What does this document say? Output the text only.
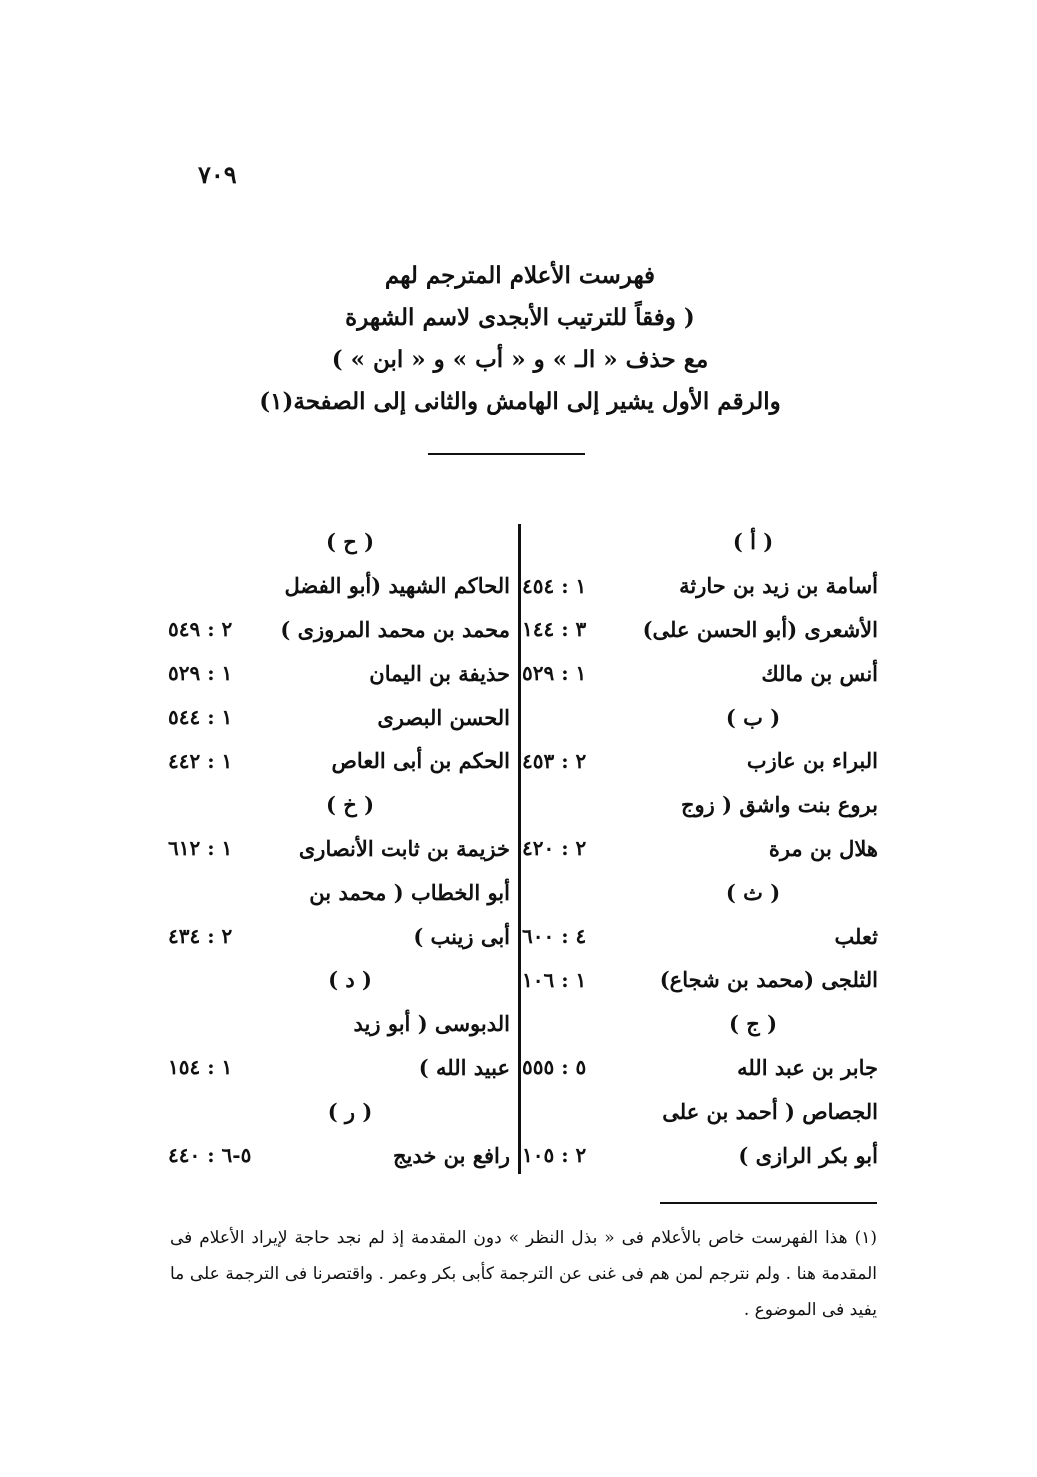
٧٠٩
فهرست الأعلام المترجم لهم
( وفقاً للترتيب الأبجدى لاسم الشهرة
مع حذف « الـ » و « أب » و « ابن » )
والرقم الأول يشير إلى الهامش والثانى إلى الصفحة(١)
( أ )
أسامة بن زيد بن حارثة
١ : ٤٥٤
الأشعرى (أبو الحسن على)
٣ : ١٤٤
أنس بن مالك
١ : ٥٢٩
( ب )
البراء بن عازب
٢ : ٤٥٣
بروع بنت واشق ( زوج
هلال بن مرة
٢ : ٤٢٠
( ث )
ثعلب
٤ : ٦٠٠
الثلجى (محمد بن شجاع)
١ : ١٠٦
( ج )
جابر بن عبد الله
٥ : ٥٥٥
الجصاص ( أحمد بن على
أبو بكر الرازى )
٢ : ١٠٥
( ح )
الحاكم الشهيد (أبو الفضل
محمد بن محمد المروزى )
٢ : ٥٤٩
حذيفة بن اليمان
١ : ٥٢٩
الحسن البصرى
١ : ٥٤٤
الحكم بن أبى العاص
١ : ٤٤٢
( خ )
خزيمة بن ثابت الأنصارى
١ : ٦١٢
أبو الخطاب ( محمد بن
أبى زينب )
٢ : ٤٣٤
( د )
الدبوسى ( أبو زيد
عبيد الله )
١ : ١٥٤
( ر )
رافع بن خديج
٥-٦ : ٤٤٠
(١) هذا الفهرست خاص بالأعلام فى « بذل النظر » دون المقدمة إذ لم نجد حاجة لإيراد الأعلام فى المقدمة هنا . ولم نترجم لمن هم فى غنى عن الترجمة كأبى بكر وعمر . واقتصرنا فى الترجمة على ما يفيد فى الموضوع .
